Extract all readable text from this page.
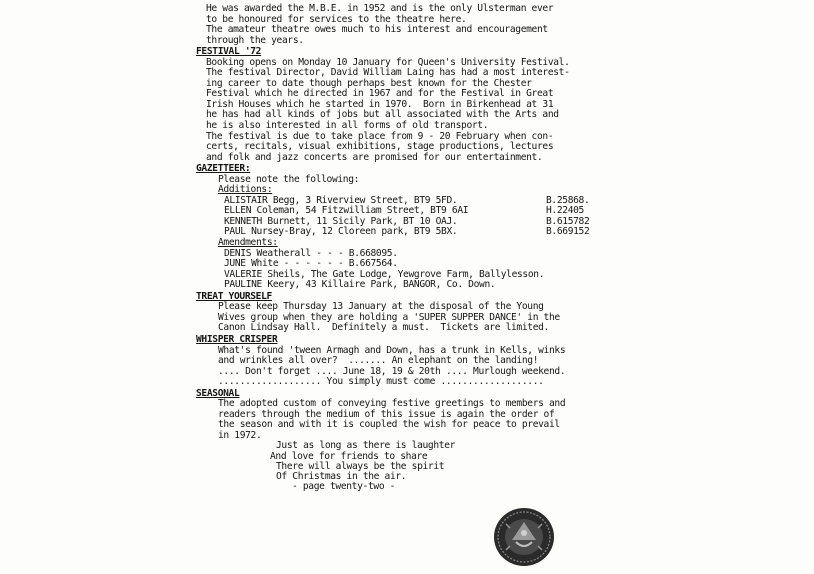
He was awarded the M.B.E. in 1952 and is the only Ulsterman ever
to be honoured for services to the theatre here.
The amateur theatre owes much to his interest and encouragement
through the years.
FESTIVAL '72
Booking opens on Monday 10 January for Queen's University Festival.
The festival Director, David William Laing has had a most interest-
ing career to date though perhaps best known for the Chester
Festival which he directed in 1967 and for the Festival in Great
Irish Houses which he started in 1970.  Born in Birkenhead at 31
he has had all kinds of jobs but all associated with the Arts and
he is also interested in all forms of old transport.
The festival is due to take place from 9 - 20 February when con-
certs, recitals, visual exhibitions, stage productions, lectures
and folk and jazz concerts are promised for our entertainment.
GAZETTEER:
Please note the following:
Additions:
ALISTAIR Begg, 3 Riverview Street, BT9 5FD.	B.25868.
ELLEN Coleman, 54 Fitzwilliam Street, BT9 6AI	H.22405
KENNETH Burnett, 11 Sicily Park, BT 10 OAJ.	B.615782
PAUL Nursey-Bray, 12 Cloreen park, BT9 5BX.	B.669152
Amendments:
DENIS Weatherall - - - B.668095.
JUNE White - - - - - - B.667564.
VALERIE Sheils, The Gate Lodge, Yewgrove Farm, Ballylesson.
PAULINE Keery, 43 Killaire Park, BANGOR, Co. Down.
TREAT YOURSELF
Please keep Thursday 13 January at the disposal of the Young
Wives group when they are holding a 'SUPER SUPPER DANCE' in the
Canon Lindsay Hall.  Definitely a must.  Tickets are limited.
WHISPER CRISPER
What's found 'tween Armagh and Down, has a trunk in Kells, winks
and wrinkles all over?  ....... An elephant on the landing!
.... Don't forget .... June 18, 19 & 20th .... Murlough weekend.
................... You simply must come ...................
SEASONAL
The adopted custom of conveying festive greetings to members and
readers through the medium of this issue is again the order of
the season and with it is coupled the wish for peace to prevail
in 1972.
Just as long as there is laughter
And love for friends to share
There will always be the spirit
Of Christmas in the air.
- page twenty-two -
